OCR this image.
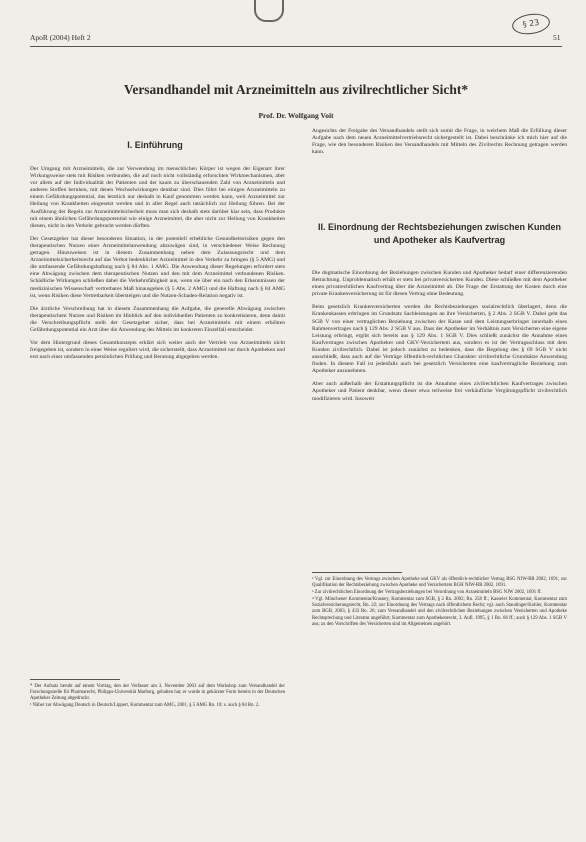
§ 23
ApoR (2004) Heft 2	51
Versandhandel mit Arzneimitteln aus zivilrechtlicher Sicht*
Prof. Dr. Wolfgang Voit
I. Einführung

Der Umgang mit Arzneimitteln, die zur Verwendung im menschlichen Körper ist wegen der Eigenart ihrer Wirkungsweise stets mit Risiken verbunden, die auf noch nicht vollständig erforschten Wirkmechanismen, aber vor allem auf der Individualität der Patienten und der kaum zu überschauenden Zahl von Arzneimitteln und anderen Stoffen beruhen, mit denen Wechselwirkungen denkbar sind. Dies führt bei einigen Arzneimitteln zu einem Gefährdungspotential, das letztlich nur deshalb in Kauf genommen werden kann, weil Arzneimittel zur Heilung von Krankheiten eingesetzt werden und in aller Regel auch tatsächlich zur Heilung führen. Bei der Ausführung der Regeln zur Arzneimittelsicherheit muss man sich deshalb stets darüber klar sein, dass Produkte mit einem ähnlichen Gefährdungspotential wie einige Arzneimittel, die aber nicht zur Heilung von Krankheiten dienen, nicht in den Verkehr gebracht werden dürften.

Der Gesetzgeber hat dieser besonderen Situation, in der potentiell erhebliche Gesundheitsrisiken gegen den therapeutischen Nutzen einer Arzneimittelanwendung abzuwägen sind, in verschiedener Weise Rechnung getragen. Hinzuweisen ist in diesem Zusammenhang neben dem Zulassungsrecht und dem Arzneimittelsicherheitsrecht auf das Verbot bedenklicher Arzneimittel in den Verkehr zu bringen (§ 5 AMG) und die umfassende Gefährdungshaftung nach § 84 Abs. 1 AMG. Die Anwendung dieser Regelungen erfordert stets eine Abwägung zwischen dem therapeutischen Nutzen und den mit dem Arzneimittel verbundenen Risiken. Schädliche Wirkungen schließen dabei die Verkehrsfähigkeit aus, wenn sie über ein nach den Erkenntnissen der medizinischen Wissenschaft vertretbares Maß hinausgehen (§ 5 Abs. 2 AMG) und die Haftung nach § 84 AMG ist, wenn Risiken diese Vertretbarkeit übersteigen und die Nutzen-Schaden-Relation negativ ist.

Die ärztliche Verschreibung hat in diesem Zusammenhang die Aufgabe, die generelle Abwägung zwischen therapeutischem Nutzen und Risiken im Hinblick auf den individuellen Patienten zu konkretisieren, denn damit die Verschreibungspflicht stellt der Gesetzgeber sicher, dass bei Arzneimitteln mit einem erhöhten Gefährdungspotential ein Arzt über die Anwendung des Mittels im konkreten Einzelfall entscheidet.

Vor dem Hintergrund dieses Gesamtkonzepts erklärt sich weiter auch der Vertrieb von Arzneimitteln nicht freigegeben ist, sondern in einer Weise reguliert wird, die sicherstellt, dass Arzneimittel nur durch Apotheken und erst nach einer umfassenden persönlichen Prüfung und Beratung abgegeben werden.

* Der Aufsatz beruht auf einem Vortrag, den der Verfasser am 3. November 2003 auf dem Workshop zum Versandhandel der Forschungsstelle für Pharmarecht, Philipps-Universität Marburg, gehalten hat; er wurde in gekürzter Form bereits in der Deutschen Apotheker Zeitung abgedruckt.

¹ Näher zur Abwägung Deutsch in Deutsch/Lippert, Kommentar zum AMG, 2001, § 5 AMG Rn. 10; s. auch § 84 Rn. 2.

Angesichts der Freigabe des Versandhandels stellt sich somit die Frage, in welchem Maß die Erfüllung dieser Aufgabe nach dem neuen Arzneimittelvertriebsrecht sichergestellt ist. Dabei beschränke ich mich hier auf die Frage, wie den besonderen Risiken des Versandhandels mit Mitteln des Zivilrechts Rechnung getragen werden kann.

II. Einordnung der Rechtsbeziehungen zwischen Kunden und Apotheker als Kaufvertrag

Die dogmatische Einordnung der Beziehungen zwischen Kunden und Apotheker bedarf einer differenzierenden Betrachtung. Unproblematisch erhält er stets bei privatversicherten Kunden. Diese schließen mit dem Apotheker einen privatrechtlichen Kaufvertrag über die Arzneimittel ab. Die Frage der Erstattung der Kosten durch eine private Krankenversicherung ist für diesen Vertrag ohne Bedeutung.

Beim gesetzlich Krankenversicherten werden die Rechtsbeziehungen sozialrechtlich überlagert, denn die Krankenkassen erbringen im Grundsatz Sachleistungen an ihre Versicherten, § 2 Abs. 2 SGB V. Dabei geht das SGB V von einer vertraglichen Beziehung zwischen der Kasse und dem Leistungserbringer innerhalb eines Rahmenvertrages nach § 129 Abs. 2 SGB V aus. Dass der Apotheker im Verhältnis zum Versicherten eine eigene Leistung erbringt, ergibt sich bereits aus § 129 Abs. 1 SGB V. Dies schließt zunächst die Annahme eines Kaufvertrages zwischen Apotheker und GKV-Versichertem aus, sondern es ist der Vertragsschluss mit dem Kunden zivilrechtlich. Dabei ist jedoch zunächst zu bedenken, dass die Regelung des § 69 SGB V nicht ausschließt, dass auch auf die Verträge öffentlich-rechtlichen Charakter zivilrechtliche Grundsätze Anwendung finden. In diesem Fall ist jedenfalls auch bei gesetzlich Versicherten eine kaufvertragliche Beziehung zum Apotheker anzunehmen.

Aber auch außerhalb der Erstattungspflicht ist die Annahme eines zivilrechtlichen Kaufvertrages zwischen Apotheker und Patient denkbar, wenn dieser etwa teilweise frei verkäufliche Vergütungspflicht zivilrechtlich modifizieren wird. Insoweit

² Vgl. zur Einordnung des Vertrags zwischen Apotheke und GKV als öffentlich-rechtlicher Vertrag BSG NJW-RR 2002, 1691; zur Qualifikation der Rechtsbeziehung zwischen Apotheke und Versichertem BGH NJW-RR 2002, 1691.

³ Zur zivilrechtlichen Einordnung der Vertragsbeziehungen bei Verordnung von Arzneimitteln BSG NJW 2002, 1691 ff.

⁴ Vgl. Münchener Kommentar/Krasney, Kommentar zum SGB, § 2 Rn. 2002; Rn. 258 ff.; Kasseler Kommentar, Kommentar zum Sozialversicherungsrecht, Rn. 22; zur Einordnung des Vertrags nach öffentlichem Recht; vgl. auch Staudinger/Kohler, Kommentar zum BGB, 2003, § 433 Rn. 26; zum Versandhandel und den zivilrechtlichen Beziehungen zwischen Versicherten und Apotheke Rechtsprechung und Literatur angeführt; Kommentar zum Apothekenrecht, 3. Aufl. 1995, § 1 Rn. 66 ff.; auch § 129 Abs. 1 SGB V aus; zu den Vorschriften des Versicherten sind im Allgemeinen angehört.
